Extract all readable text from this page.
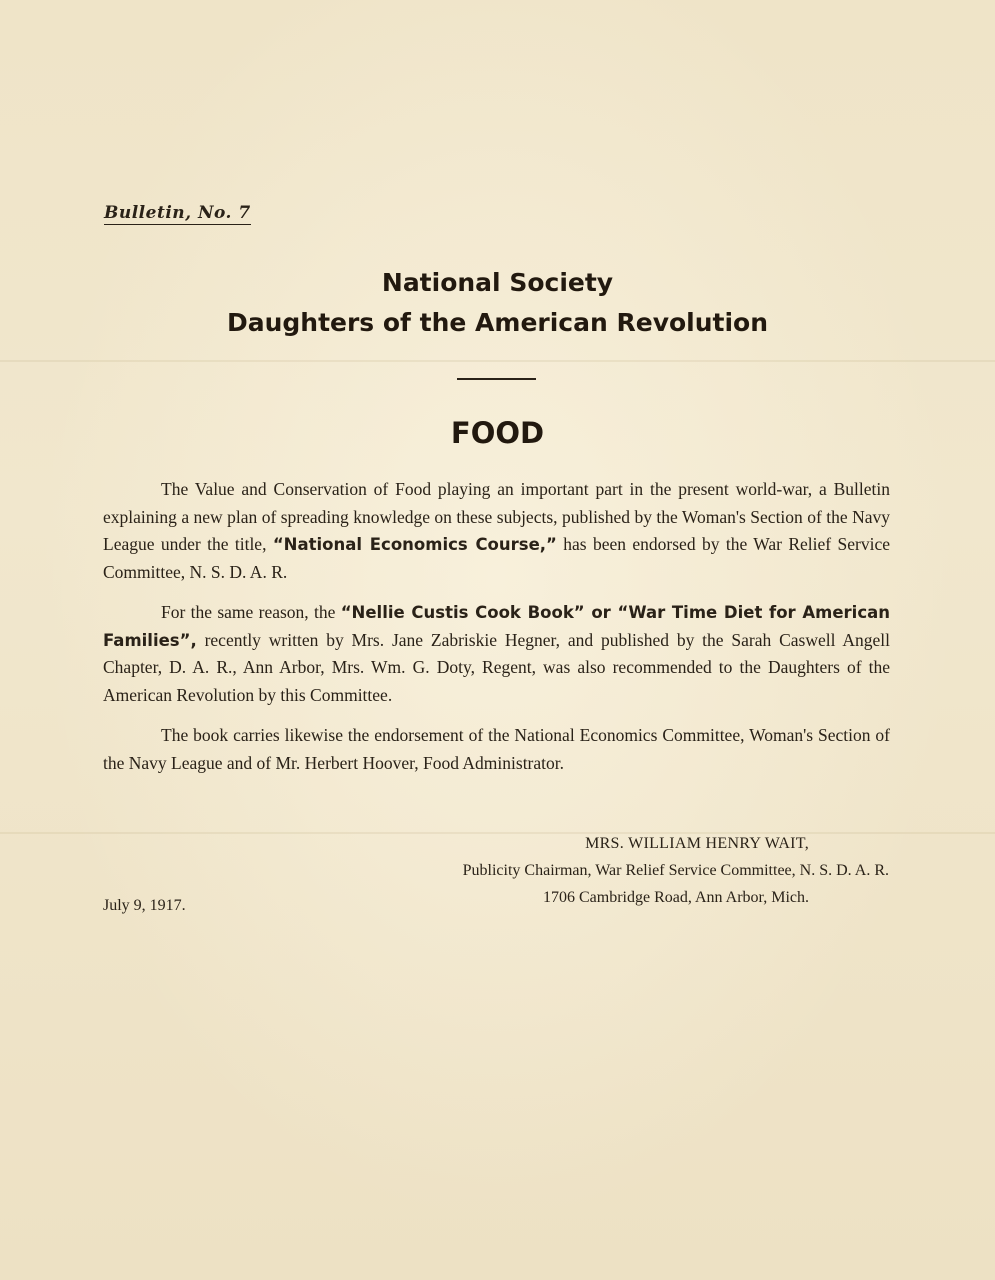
Bulletin, No. 7
National Society
Daughters of the American Revolution
FOOD

The Value and Conservation of Food playing an important part in the present world-war, a Bulletin explaining a new plan of spreading knowledge on these subjects, published by the Woman's Section of the Navy League under the title, “National Economics Course,” has been endorsed by the War Relief Service Committee, N. S. D. A. R.

For the same reason, the “Nellie Custis Cook Book” or “War Time Diet for American Families”, recently written by Mrs. Jane Zabriskie Hegner, and published by the Sarah Caswell Angell Chapter, D. A. R., Ann Arbor, Mrs. Wm. G. Doty, Regent, was also recommended to the Daughters of the American Revolution by this Committee.

The book carries likewise the endorsement of the National Economics Committee, Woman's Section of the Navy League and of Mr. Herbert Hoover, Food Administrator.

MRS. WILLIAM HENRY WAIT,
Publicity Chairman, War Relief Service Committee, N. S. D. A. R.
1706 Cambridge Road, Ann Arbor, Mich.
July 9, 1917.
